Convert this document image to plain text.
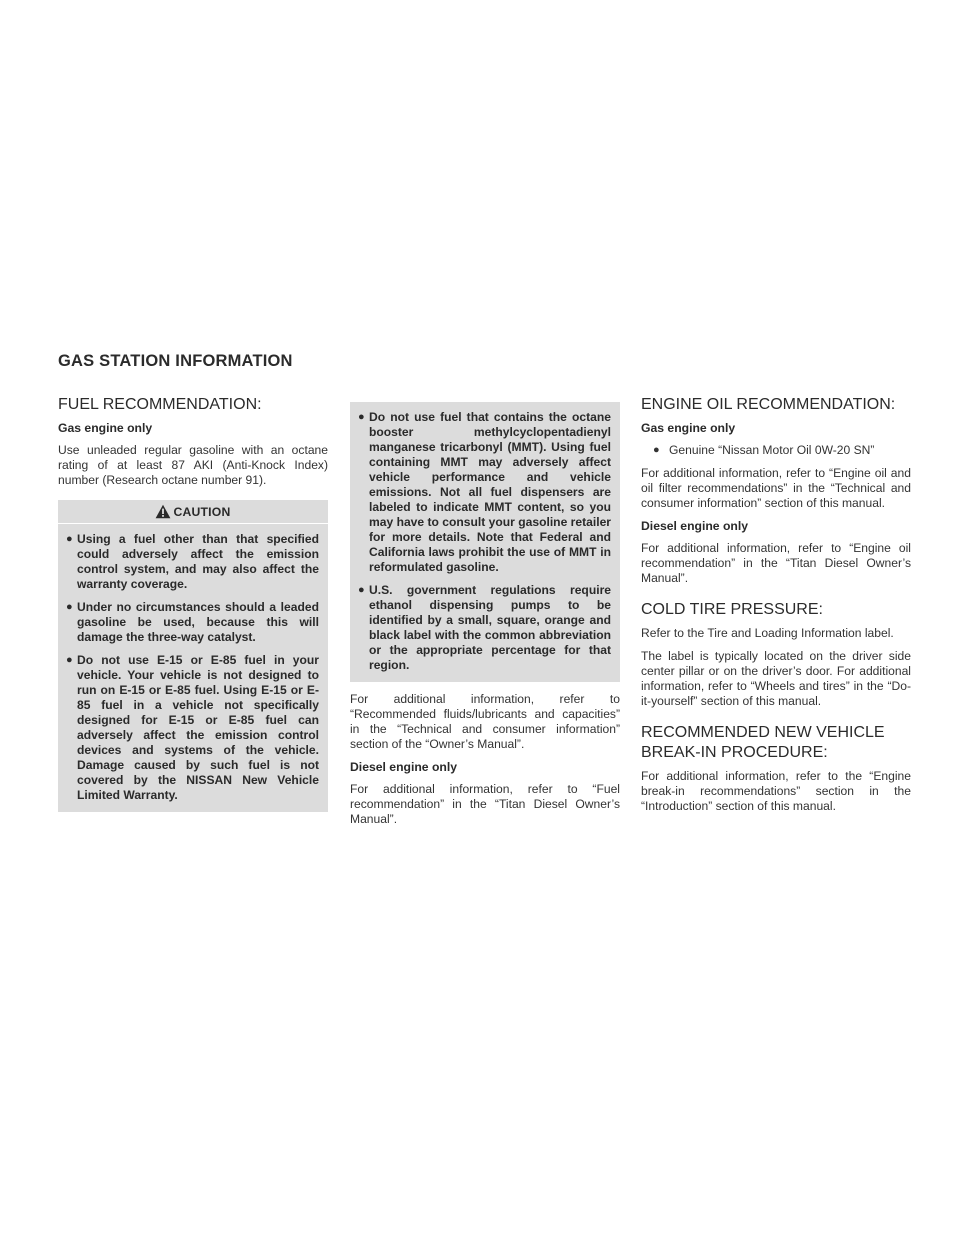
GAS STATION INFORMATION
FUEL RECOMMENDATION:
Gas engine only

Use unleaded regular gasoline with an octane rating of at least 87 AKI (Anti-Knock Index) number (Research octane number 91).

CAUTION
● Using a fuel other than that specified could adversely affect the emission control system, and may also affect the warranty coverage.
● Under no circumstances should a leaded gasoline be used, because this will damage the three-way catalyst.
● Do not use E-15 or E-85 fuel in your vehicle. Your vehicle is not designed to run on E-15 or E-85 fuel. Using E-15 or E-85 fuel in a vehicle not specifically designed for E-15 or E-85 fuel can adversely affect the emission control devices and systems of the vehicle. Damage caused by such fuel is not covered by the NISSAN New Vehicle Limited Warranty.
● Do not use fuel that contains the octane booster methylcyclopentadienyl manganese tricarbonyl (MMT). Using fuel containing MMT may adversely affect vehicle performance and vehicle emissions. Not all fuel dispensers are labeled to indicate MMT content, so you may have to consult your gasoline retailer for more details. Note that Federal and California laws prohibit the use of MMT in reformulated gasoline.
● U.S. government regulations require ethanol dispensing pumps to be identified by a small, square, orange and black label with the common abbreviation or the appropriate percentage for that region.

For additional information, refer to “Recommended fluids/lubricants and capacities” in the “Technical and consumer information” section of the “Owner’s Manual”.

Diesel engine only

For additional information, refer to “Fuel recommendation” in the “Titan Diesel Owner’s Manual”.

ENGINE OIL RECOMMENDATION:
Gas engine only
● Genuine “Nissan Motor Oil 0W-20 SN”

For additional information, refer to “Engine oil and oil filter recommendations” in the “Technical and consumer information” section of this manual.

Diesel engine only

For additional information, refer to “Engine oil recommendation” in the “Titan Diesel Owner’s Manual”.

COLD TIRE PRESSURE:

Refer to the Tire and Loading Information label.

The label is typically located on the driver side center pillar or on the driver’s door. For additional information, refer to “Wheels and tires” in the “Do-it-yourself” section of this manual.

RECOMMENDED NEW VEHICLE
BREAK-IN PROCEDURE:

For additional information, refer to the “Engine break-in recommendations” section in the “Introduction” section of this manual.
